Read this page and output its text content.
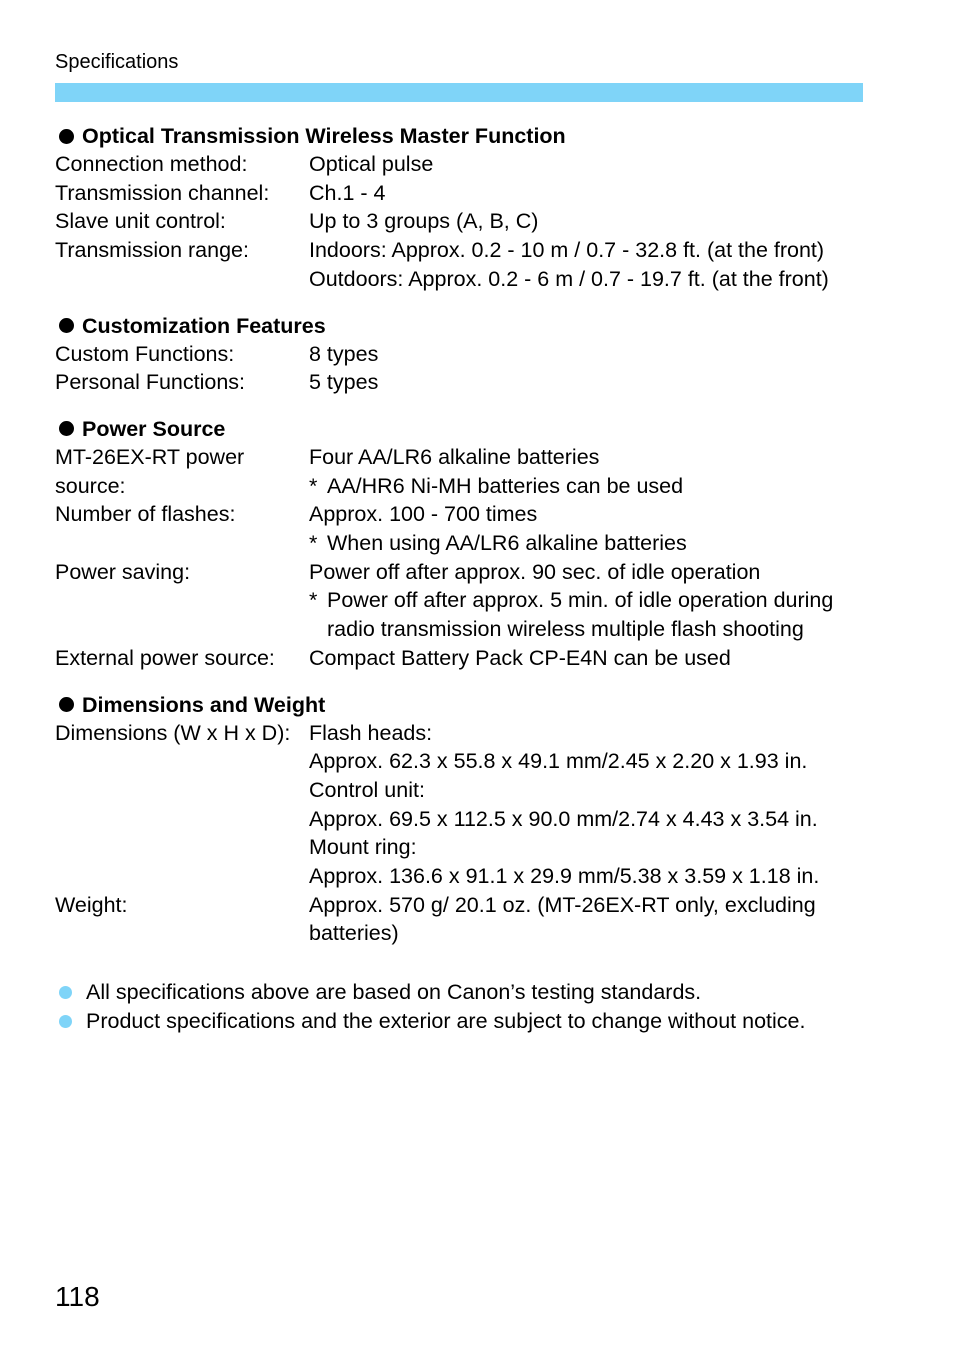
Specifications
Optical Transmission Wireless Master Function
Connection method:	Optical pulse
Transmission channel:	Ch.1 - 4
Slave unit control:	Up to 3 groups (A, B, C)
Transmission range:	Indoors: Approx. 0.2 - 10 m / 0.7 - 32.8 ft. (at the front)
Outdoors: Approx. 0.2 - 6 m / 0.7 - 19.7 ft. (at the front)
Customization Features
Custom Functions:	8 types
Personal Functions:	5 types
Power Source
MT-26EX-RT power	Four AA/LR6 alkaline batteries
source:	* AA/HR6 Ni-MH batteries can be used
Number of flashes:	Approx. 100 - 700 times
* When using AA/LR6 alkaline batteries
Power saving:	Power off after approx. 90 sec. of idle operation
* Power off after approx. 5 min. of idle operation during
radio transmission wireless multiple flash shooting
External power source:	Compact Battery Pack CP-E4N can be used
Dimensions and Weight
Dimensions (W x H x D): Flash heads:
Approx. 62.3 x 55.8 x 49.1 mm/2.45 x 2.20 x 1.93 in.
Control unit:
Approx. 69.5 x 112.5 x 90.0 mm/2.74 x 4.43 x 3.54 in.
Mount ring:
Approx. 136.6 x 91.1 x 29.9 mm/5.38 x 3.59 x 1.18 in.
Weight:	Approx. 570 g/ 20.1 oz. (MT-26EX-RT only, excluding
batteries)
All specifications above are based on Canon’s testing standards.
Product specifications and the exterior are subject to change without notice.
118
